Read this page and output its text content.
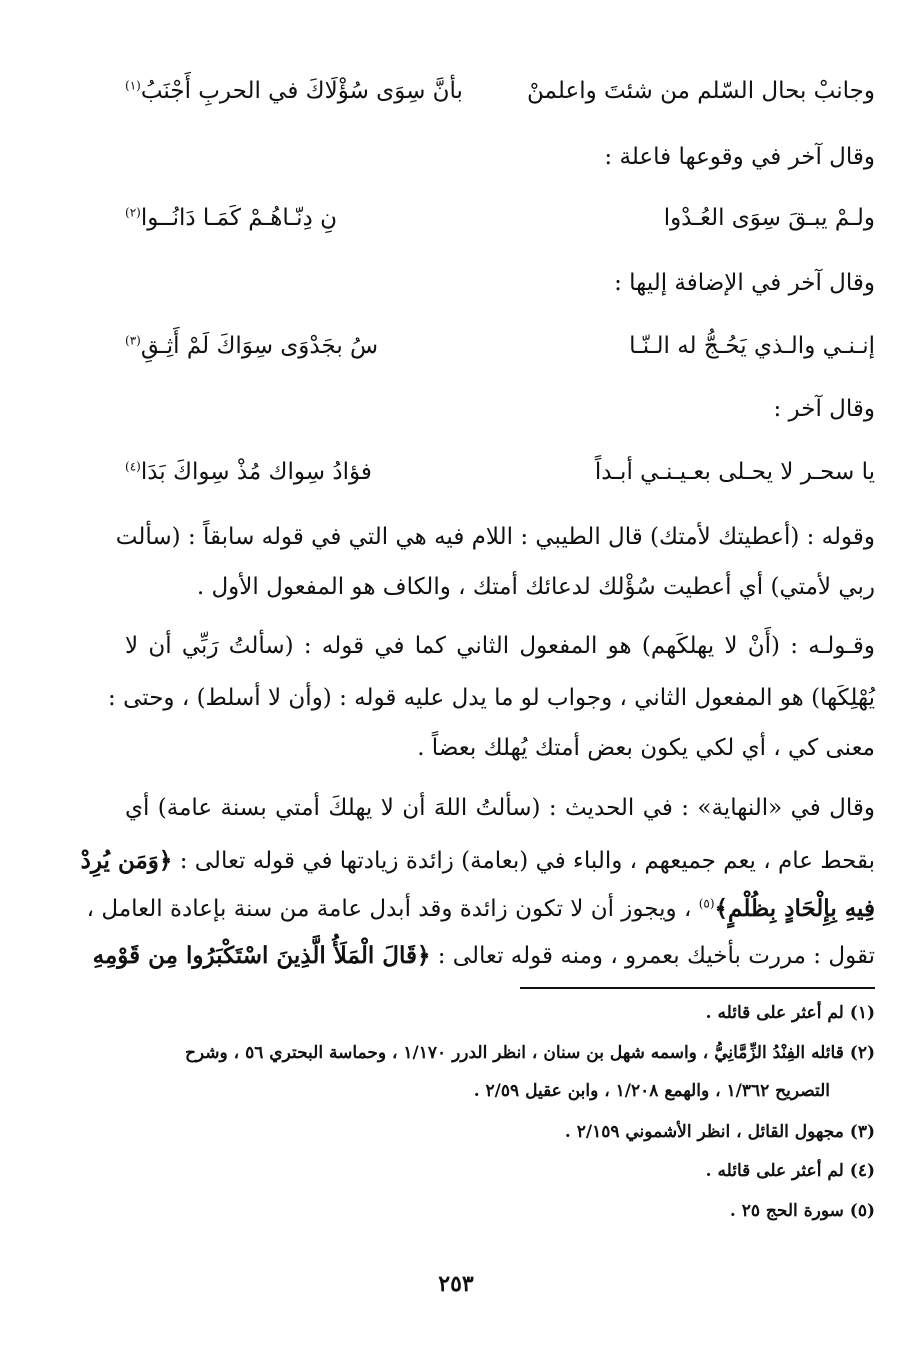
وجانبْ بحال السّلم من شئتَ واعلمنْ
بأنَّ سِوَى سُؤْلَاكَ في الحربِ أَجْنَبُ$^{(١)}$
وقال آخر في وقوعها فاعلة :
ولـمْ يبـقَ سِوَى العُـدْوا
نِ دِنّـاهُـمْ كَمَـا دَانُــوا$^{(٢)}$
وقال آخر في الإضافة إليها :
إنـنـي والـذي يَحُـجُّ له الـنّـا
سُ بجَدْوَى سِوَاكَ لَمْ أَثِـقِ$^{(٣)}$
وقال آخر :
يا سحـر لا يحـلى بعـيـنـي أبـداً
فؤادُ سِواك مُذْ سِواكَ بَدَا$^{(٤)}$
وقوله : (أعطيتك لأمتك) قال الطيبي : اللام فيه هي التي في قوله سابقاً : (سألت
ربي لأمتي) أي أعطيت سُؤْلك لدعائك أمتك ، والكاف هو المفعول الأول .
وقـولـه : (أَنْ لا يهلكَهم) هو المفعول الثاني كما في قوله : (سألتُ رَبِّي أن لا
يُهْلِكَها) هو المفعول الثاني ، وجواب لو ما يدل عليه قوله : (وأن لا أسلط) ، وحتى :
معنى كي ، أي لكي يكون بعض أمتك يُهلك بعضاً .
وقال في «النهاية» : في الحديث : (سألتُ اللهَ أن لا يهلكَ أمتي بسنة عامة) أي
بقحط عام ، يعم جميعهم ، والباء في (بعامة) زائدة زيادتها في قوله تعالى : ﴿وَمَن يُرِدْ
فِيهِ بِإِلْحَادٍ بِظُلْمٍ﴾$^{(٥)}$ ، ويجوز أن لا تكون زائدة وقد أبدل عامة من سنة بإعادة العامل ،
تقول : مررت بأخيك بعمرو ، ومنه قوله تعالى : ﴿قَالَ الْمَلَأُ الَّذِينَ اسْتَكْبَرُوا مِن قَوْمِهِ
(١) لم أعثر على قائله .
(٢) قائله الفِنْدُ الزِّمَّانِيُّ ، واسمه شهل بن سنان ، انظر الدرر ١/١٧٠ ، وحماسة البحتري ٥٦ ، وشرح
التصريح ١/٣٦٢ ، والهمع ١/٢٠٨ ، وابن عقيل ٢/٥٩ .
(٣) مجهول القائل ، انظر الأشموني ٢/١٥٩ .
(٤) لم أعثر على قائله .
(٥) سورة الحج ٢٥ .
٢٥٣
